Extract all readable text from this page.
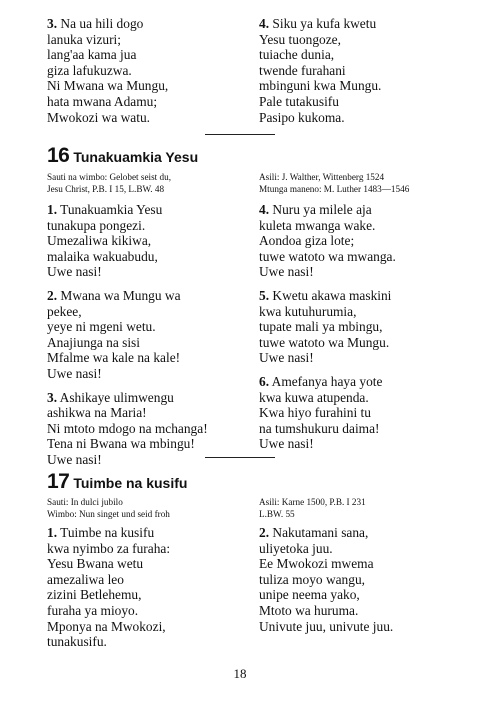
3. Na ua hili dogo
lanuka vizuri;
lang'aa kama jua
giza lafukuzwa.
Ni Mwana wa Mungu,
hata mwana Adamu;
Mwokozi wa watu.
4. Siku ya kufa kwetu
Yesu tuongoze,
tuiache dunia,
twende furahani
mbinguni kwa Mungu.
Pale tutakusifu
Pasipo kukoma.
16 Tunakuamkia Yesu
Sauti na wimbo: Gelobet seist du,
Jesu Christ, P.B. I 15, L.BW. 48
Asili: J. Walther, Wittenberg 1524
Mtunga maneno: M. Luther 1483—1546
1. Tunakuamkia Yesu
tunakupa pongezi.
Umezaliwa kikiwa,
malaika wakuabudu,
Uwe nasi!
2. Mwana wa Mungu wa
pekee,
yeye ni mgeni wetu.
Anajiunga na sisi
Mfalme wa kale na kale!
Uwe nasi!
3. Ashikaye ulimwengu
ashikwa na Maria!
Ni mtoto mdogo na mchanga!
Tena ni Bwana wa mbingu!
Uwe nasi!
4. Nuru ya milele aja
kuleta mwanga wake.
Aondoa giza lote;
tuwe watoto wa mwanga.
Uwe nasi!
5. Kwetu akawa maskini
kwa kutuhurumia,
tupate mali ya mbingu,
tuwe watoto wa Mungu.
Uwe nasi!
6. Amefanya haya yote
kwa kuwa atupenda.
Kwa hiyo furahini tu
na tumshukuru daima!
Uwe nasi!
17 Tuimbe na kusifu
Sauti: In dulci jubilo
Wimbo: Nun singet und seid froh
Asili: Karne 1500, P.B. I 231
L.BW. 55
1. Tuimbe na kusifu
kwa nyimbo za furaha:
Yesu Bwana wetu
amezaliwa leo
zizini Betlehemu,
furaha ya mioyo.
Mponya na Mwokozi,
tunakusifu.
2. Nakutamani sana,
uliyetoka juu.
Ee Mwokozi mwema
tuliza moyo wangu,
unipe neema yako,
Mtoto wa huruma.
Univute juu, univute juu.
18
